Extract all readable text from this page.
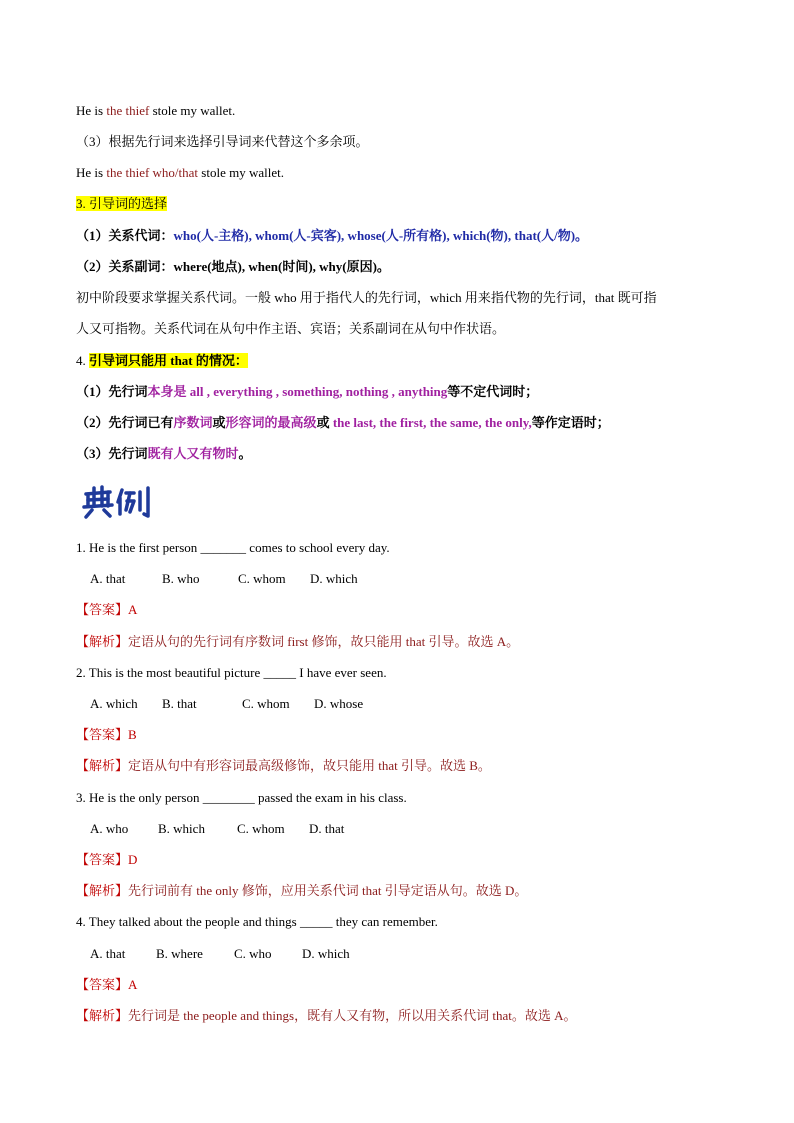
He is the thief stole my wallet.
（3）根据先行词来选择引导词来代替这个多余项。
He is the thief who/that stole my wallet.
3. 引导词的选择
（1）关系代词：who(人-主格), whom(人-宾客), whose(人-所有格), which(物), that(人/物)。
（2）关系副词：where(地点), when(时间), why(原因)。
初中阶段要求掌握关系代词。一般 who 用于指代人的先行词，which 用来指代物的先行词，that 既可指
人又可指物。关系代词在从句中作主语、宾语；关系副词在从句中作状语。
4. 引导词只能用 that 的情况：
（1）先行词本身是 all , everything , something, nothing , anything等不定代词时；
（2）先行词已有序数词或形容词的最高级或 the last, the first, the same, the only,等作定语时；
（3）先行词既有人又有物时。
1. He is the first person _______ comes to school every day.
A. that	B. who	C. whom D. which
【答案】A
【解析】定语从句的先行词有序数词 first 修饰，故只能用 that 引导。故选 A。
2. This is the most beautiful picture _____ I have ever seen.
A. which B. that	C. whom D. whose
【答案】B
【解析】定语从句中有形容词最高级修饰，故只能用 that 引导。故选 B。
3. He is the only person ________ passed the exam in his class.
A. who B. which C. whom D. that
【答案】D
【解析】先行词前有 the only 修饰，应用关系代词 that 引导定语从句。故选 D。
4. They talked about the people and things _____ they can remember.
A. that B. where C. who D. which
【答案】A
【解析】先行词是 the people and things，既有人又有物，所以用关系代词 that。故选 A。
